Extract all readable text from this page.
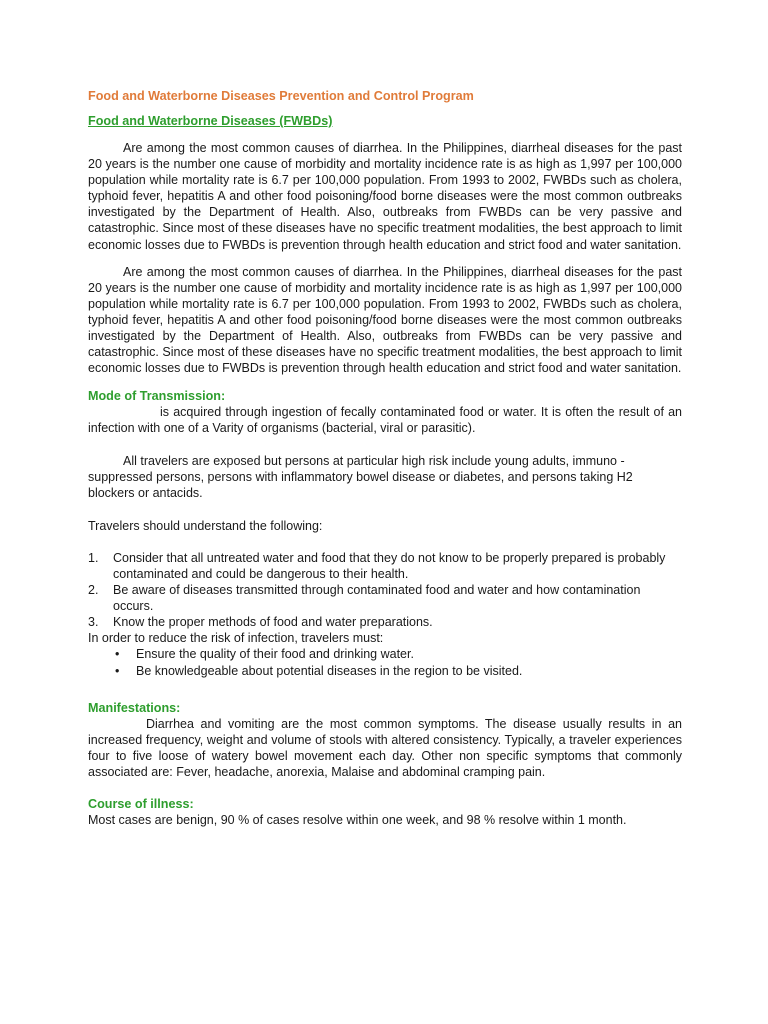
Food and Waterborne Diseases Prevention and Control Program

Food and Waterborne Diseases (FWBDs)

Are among the most common causes of diarrhea. In the Philippines, diarrheal diseases for the past 20 years is the number one cause of morbidity and mortality incidence rate is as high as 1,997 per 100,000 population while mortality rate is 6.7 per 100,000 population. From 1993 to 2002, FWBDs such as cholera, typhoid fever, hepatitis A and other food poisoning/food borne diseases were the most common outbreaks investigated by the Department of Health. Also, outbreaks from FWBDs can be very passive and catastrophic. Since most of these diseases have no specific treatment modalities, the best approach to limit economic losses due to FWBDs is prevention through health education and strict food and water sanitation.

Are among the most common causes of diarrhea. In the Philippines, diarrheal diseases for the past 20 years is the number one cause of morbidity and mortality incidence rate is as high as 1,997 per 100,000 population while mortality rate is 6.7 per 100,000 population. From 1993 to 2002, FWBDs such as cholera, typhoid fever, hepatitis A and other food poisoning/food borne diseases were the most common outbreaks investigated by the Department of Health. Also, outbreaks from FWBDs can be very passive and catastrophic. Since most of these diseases have no specific treatment modalities, the best approach to limit economic losses due to FWBDs is prevention through health education and strict food and water sanitation.

Mode of Transmission:

is acquired through ingestion of fecally contaminated food or water. It is often the result of an infection with one of a Varity of organisms (bacterial, viral or parasitic).

All travelers are exposed but persons at particular high risk include young adults, immuno -suppressed persons, persons with inflammatory bowel disease or diabetes, and persons taking H2 blockers or antacids.

Travelers should understand the following:

1. Consider that all untreated water and food that they do not know to be properly prepared is probably contaminated and could be dangerous to their health.
2. Be aware of diseases transmitted through contaminated food and water and how contamination occurs.
3. Know the proper methods of food and water preparations.

In order to reduce the risk of infection, travelers must:

• Ensure the quality of their food and drinking water.
• Be knowledgeable about potential diseases in the region to be visited.

Manifestations:

Diarrhea and vomiting are the most common symptoms. The disease usually results in an increased frequency, weight and volume of stools with altered consistency. Typically, a traveler experiences four to five loose of watery bowel movement each day. Other non specific symptoms that commonly associated are: Fever, headache, anorexia, Malaise and abdominal cramping pain.

Course of illness:

Most cases are benign, 90 % of cases resolve within one week, and 98 % resolve within 1 month.
